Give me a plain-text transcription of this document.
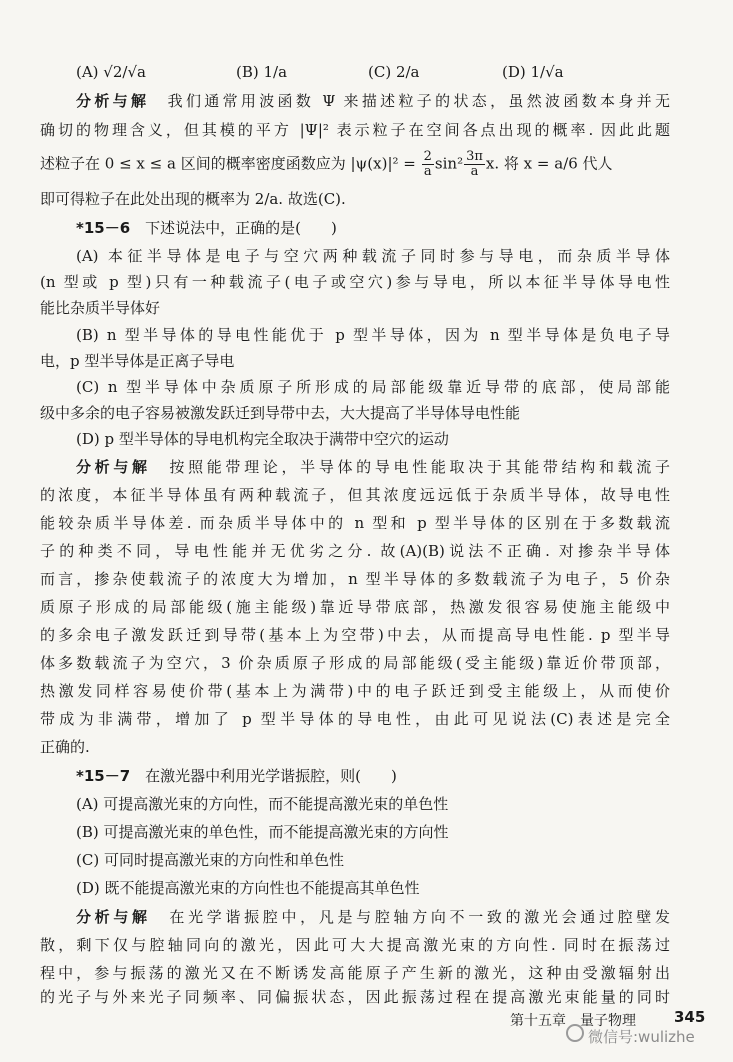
(A) √2/√a	(B) 1/a	(C) 2/a	(D) 1/√a
分析与解　 我们通常用波函数 Ψ 来描述粒子的状态，虽然波函数本身并无
确切的物理含义，但其模的平方 |Ψ|² 表示粒子在空间各点出现的概率. 因此此题
述粒子在 0 ≤ x ≤ a 区间的概率密度函数应为 $|\psi(x)|^2 = \frac{2}{a} \sin^2 \frac{3\pi}{a} x$. 将 x = a/6 代人
即可得粒子在此处出现的概率为 2/a. 故选(C).
*15－6　 下述说法中，正确的是(　　)
(A) 本征半导体是电子与空穴两种载流子同时参与导电，而杂质半导体
(n 型或 p 型)只有一种载流子(电子或空穴)参与导电，所以本征半导体导电性
能比杂质半导体好
(B) n 型半导体的导电性能优于 p 型半导体，因为 n 型半导体是负电子导
电，p 型半导体是正离子导电
(C) n 型半导体中杂质原子所形成的局部能级靠近导带的底部，使局部能
级中多余的电子容易被激发跃迁到导带中去，大大提高了半导体导电性能
(D) p 型半导体的导电机构完全取决于满带中空穴的运动
分析与解　 按照能带理论，半导体的导电性能取决于其能带结构和载流子
的浓度，本征半导体虽有两种载流子，但其浓度远远低于杂质半导体，故导电性
能较杂质半导体差. 而杂质半导体中的 n 型和 p 型半导体的区别在于多数载流
子的种类不同，导电性能并无优劣之分. 故(A)(B)说法不正确. 对掺杂半导体
而言，掺杂使载流子的浓度大为增加，n 型半导体的多数载流子为电子，5 价杂
质原子形成的局部能级(施主能级)靠近导带底部，热激发很容易使施主能级中
的多余电子激发跃迁到导带(基本上为空带)中去，从而提高导电性能. p 型半导
体多数载流子为空穴，3 价杂质原子形成的局部能级(受主能级)靠近价带顶部，
热激发同样容易使价带(基本上为满带)中的电子跃迁到受主能级上，从而使价
带成为非满带，增加了 p 型半导体的导电性，由此可见说法(C)表述是完全
正确的.
*15－7　 在激光器中利用光学谐振腔，则(　　)
(A) 可提高激光束的方向性，而不能提高激光束的单色性
(B) 可提高激光束的单色性，而不能提高激光束的方向性
(C) 可同时提高激光束的方向性和单色性
(D) 既不能提高激光束的方向性也不能提高其单色性
分析与解　 在光学谐振腔中，凡是与腔轴方向不一致的激光会通过腔壁发
散，剩下仅与腔轴同向的激光，因此可大大提高激光束的方向性. 同时在振荡过
程中，参与振荡的激光又在不断诱发高能原子产生新的激光，这种由受激辐射出
的光子与外来光子同频率、同偏振状态，因此振荡过程在提高激光束能量的同时
第十五章　量子物理	345
微信号:wulizhe
